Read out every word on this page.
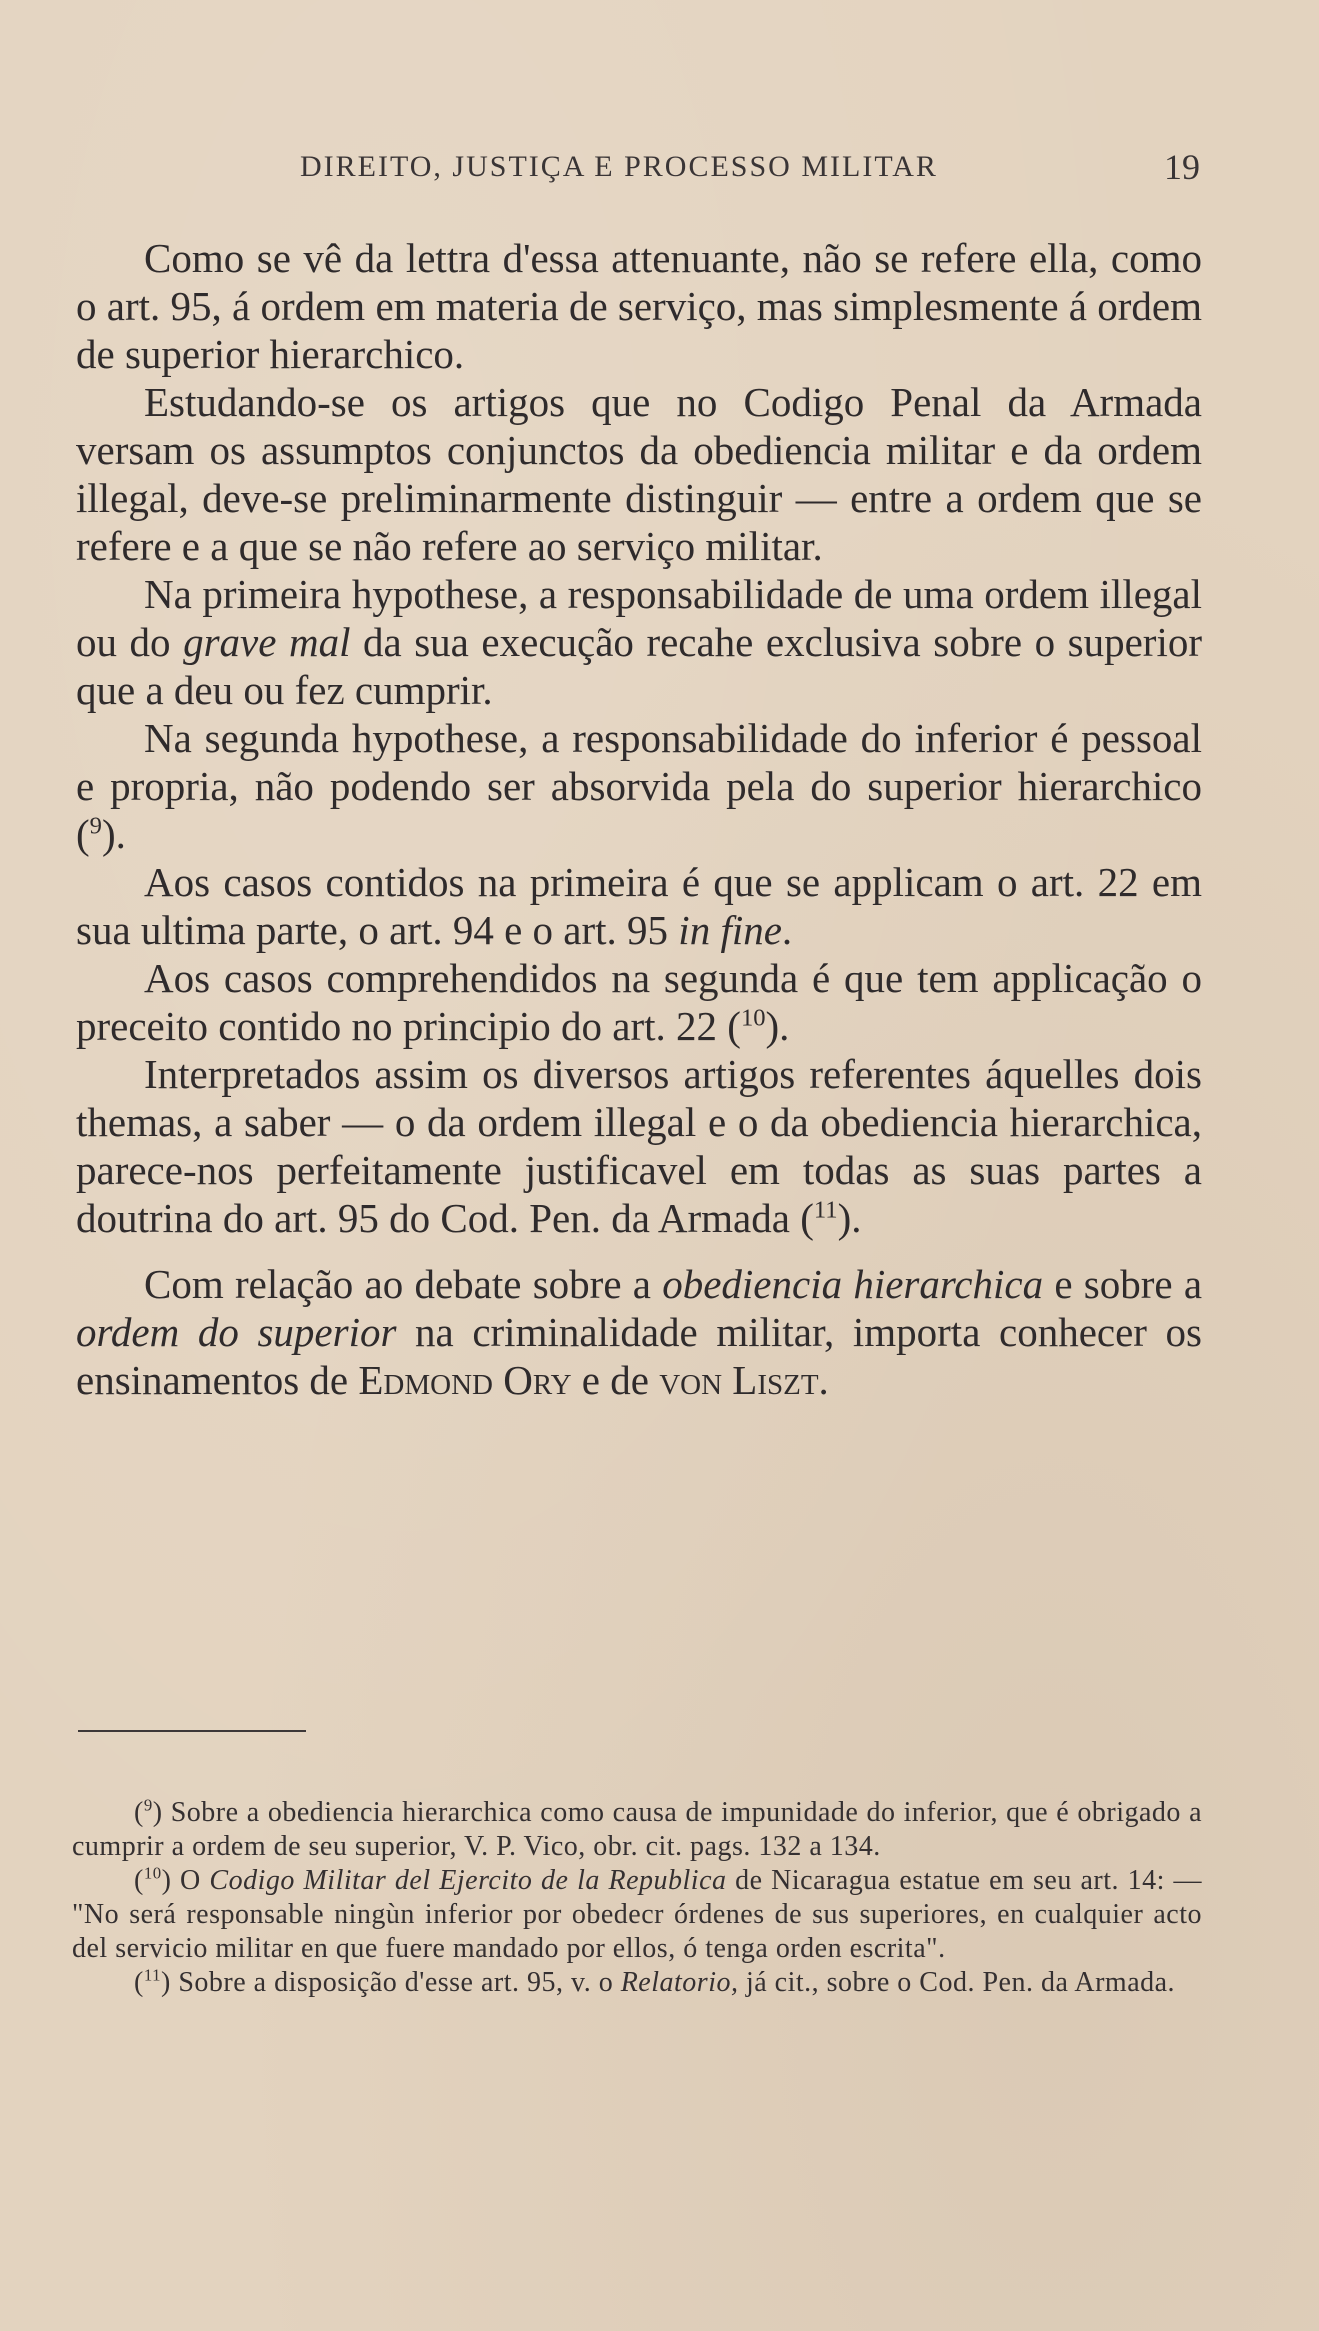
DIREITO, JUSTIÇA E PROCESSO MILITAR	19

Como se vê da lettra d'essa attenuante, não se refere ella, como o art. 95, á ordem em materia de serviço, mas simplesmente á ordem de superior hierarchico.

Estudando-se os artigos que no Codigo Penal da Armada versam os assumptos conjunctos da obediencia militar e da ordem illegal, deve-se preliminarmente distinguir — entre a ordem que se refere e a que se não refere ao serviço militar.

Na primeira hypothese, a responsabilidade de uma ordem illegal ou do grave mal da sua execução recahe exclusiva sobre o superior que a deu ou fez cumprir.

Na segunda hypothese, a responsabilidade do inferior é pessoal e propria, não podendo ser absorvida pela do superior hierarchico ($^9$).

Aos casos contidos na primeira é que se applicam o art. 22 em sua ultima parte, o art. 94 e o art. 95 in fine.

Aos casos comprehendidos na segunda é que tem applicação o preceito contido no principio do art. 22 ($^{10}$).

Interpretados assim os diversos artigos referentes áquelles dois themas, a saber — o da ordem illegal e o da obediencia hierarchica, parece-nos perfeitamente justificavel em todas as suas partes a doutrina do art. 95 do Cod. Pen. da Armada ($^{11}$).

Com relação ao debate sobre a obediencia hierarchica e sobre a ordem do superior na criminalidade militar, importa conhecer os ensinamentos de Edmond Ory e de von Liszt.

($^9$) Sobre a obediencia hierarchica como causa de impunidade do inferior, que é obrigado a cumprir a ordem de seu superior, V. P. Vico, obr. cit. pags. 132 a 134.

($^{10}$) O Codigo Militar del Ejercito de la Republica de Nicaragua estatue em seu art. 14: — "No será responsable ningùn inferior por obedecr órdenes de sus superiores, en cualquier acto del servicio militar en que fuere mandado por ellos, ó tenga orden escrita".

($^{11}$) Sobre a disposição d'esse art. 95, v. o Relatorio, já cit., sobre o Cod. Pen. da Armada.
